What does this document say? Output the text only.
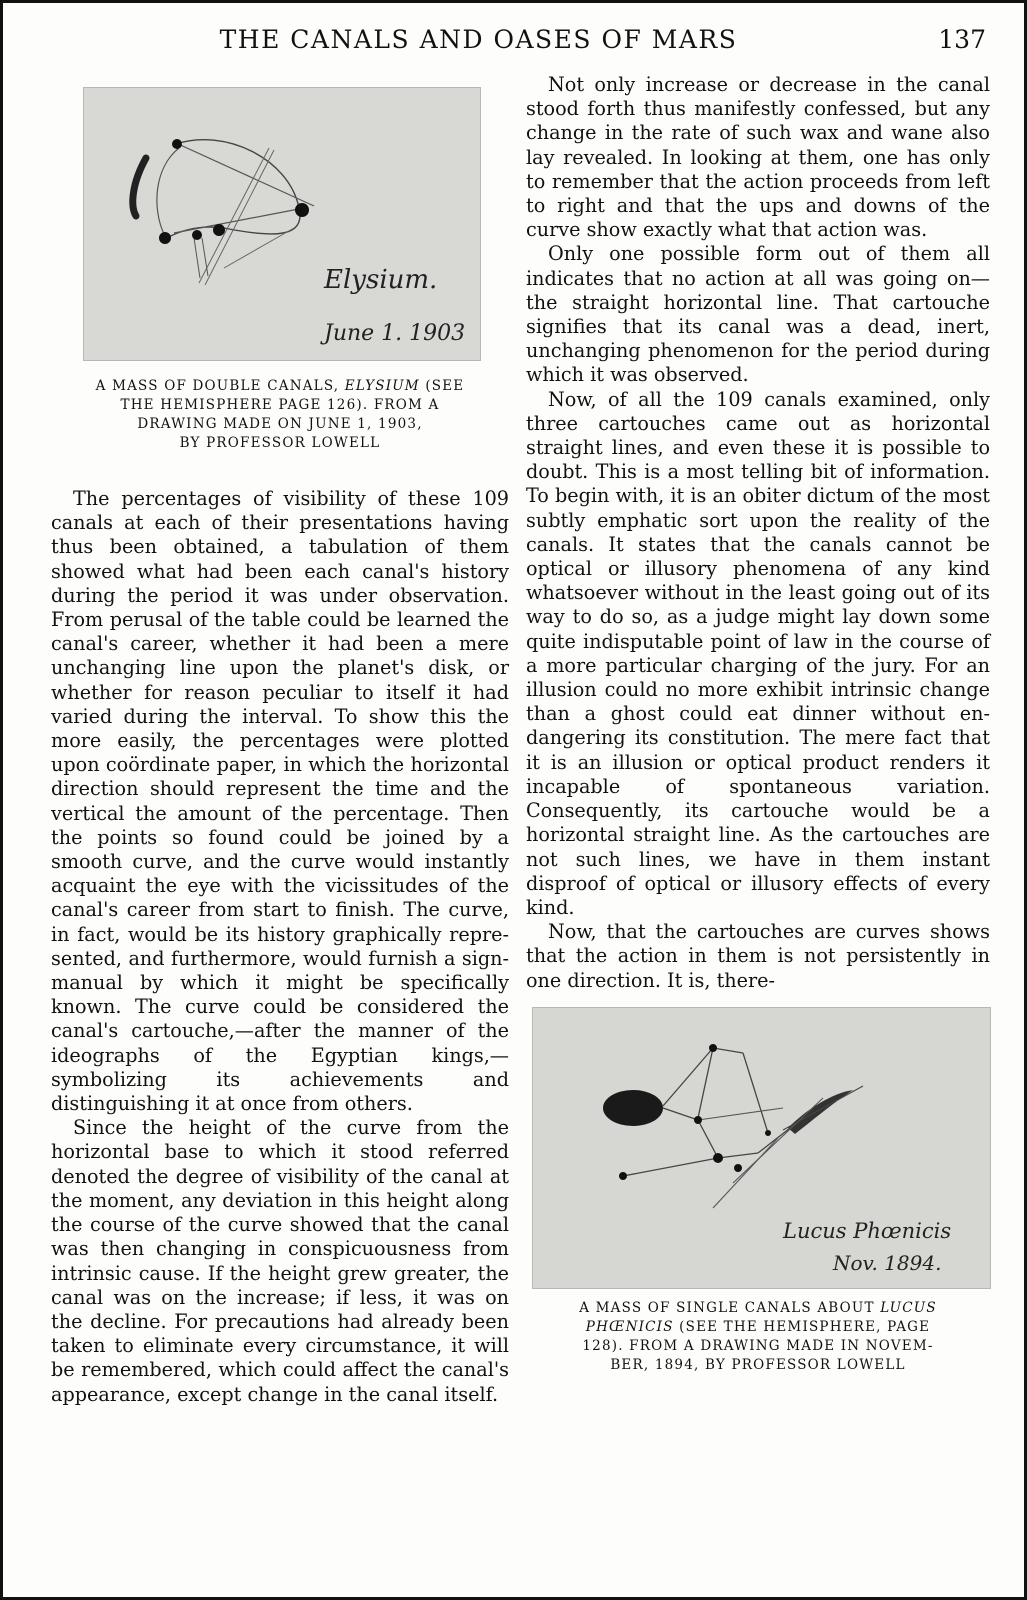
THE CANALS AND OASES OF MARS	137
Elysium.
June 1. 1903

A MASS OF DOUBLE CANALS, ELYSIUM (SEE

THE HEMISPHERE PAGE 126). FROM A

DRAWING MADE ON JUNE 1, 1903,

BY PROFESSOR LOWELL

The percentages of visibility of these 109 canals at each of their presentations having thus been obtained, a tabulation of them showed what had been each canal's history during the period it was under observation. From perusal of the table could be learned the canal's career, whether it had been a mere unchanging line upon the planet's disk, or whether for reason peculiar to itself it had varied during the interval. To show this the more easily, the percentages were plotted upon coördinate paper, in which the horizontal direction should represent the time and the vertical the amount of the percentage. Then the points so found could be joined by a smooth curve, and the curve would instantly acquaint the eye with the vicissitudes of the canal's career from start to finish. The curve, in fact, would be its history graphically represented, and furthermore, would furnish a sign-manual by which it might be specifically known. The curve could be considered the canal's cartouche,—after the manner of the ideographs of the Egyptian kings,—symbolizing its achievements and distinguishing it at once from others.

Since the height of the curve from the horizontal base to which it stood referred denoted the degree of visibility of the canal at the moment, any deviation in this height along the course of the curve showed that the canal was then changing in conspicuousness from intrinsic cause. If the height grew greater, the canal was on the increase; if less, it was on the decline. For precautions had already been taken to eliminate every circumstance, it will be remembered, which could affect the canal's appearance, except change in the canal itself.

Not only increase or decrease in the canal stood forth thus manifestly confessed, but any change in the rate of such wax and wane also lay revealed. In looking at them, one has only to remember that the action proceeds from left to right and that the ups and downs of the curve show exactly what that action was.

Only one possible form out of them all indicates that no action at all was going on—the straight horizontal line. That cartouche signifies that its canal was a dead, inert, unchanging phenomenon for the period during which it was observed.

Now, of all the 109 canals examined, only three cartouches came out as horizontal straight lines, and even these it is possible to doubt. This is a most telling bit of information. To begin with, it is an obiter dictum of the most subtly emphatic sort upon the reality of the canals. It states that the canals cannot be optical or illusory phenomena of any kind whatsoever without in the least going out of its way to do so, as a judge might lay down some quite indisputable point of law in the course of a more particular charging of the jury. For an illusion could no more exhibit intrinsic change than a ghost could eat dinner without endangering its constitution. The mere fact that it is an illusion or optical product renders it incapable of spontaneous variation. Consequently, its cartouche would be a horizontal straight line. As the cartouches are not such lines, we have in them instant disproof of optical or illusory effects of every kind.

Now, that the cartouches are curves shows that the action in them is not persistently in one direction. It is, there-

Lucus Phœnicis
Nov. 1894.

A MASS OF SINGLE CANALS ABOUT LUCUS

PHŒNICIS (SEE THE HEMISPHERE, PAGE

128). FROM A DRAWING MADE IN NOVEM-

BER, 1894, BY PROFESSOR LOWELL
